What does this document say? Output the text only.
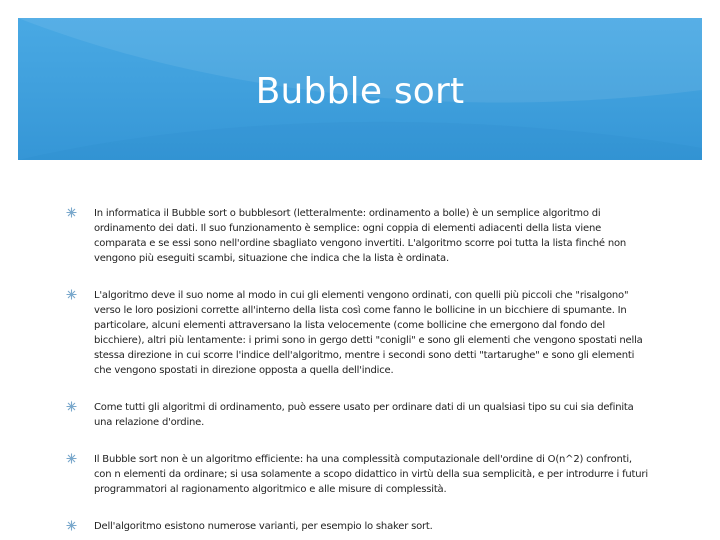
Bubble sort
In informatica il Bubble sort o bubblesort (letteralmente: ordinamento a bolle) è un semplice algoritmo di ordinamento dei dati. Il suo funzionamento è semplice: ogni coppia di elementi adiacenti della lista viene comparata e se essi sono nell'ordine sbagliato vengono invertiti. L'algoritmo scorre poi tutta la lista finché non vengono più eseguiti scambi, situazione che indica che la lista è ordinata.
L'algoritmo deve il suo nome al modo in cui gli elementi vengono ordinati, con quelli più piccoli che "risalgono" verso le loro posizioni corrette all'interno della lista così come fanno le bollicine in un bicchiere di spumante. In particolare, alcuni elementi attraversano la lista velocemente (come bollicine che emergono dal fondo del bicchiere), altri più lentamente: i primi sono in gergo detti "conigli" e sono gli elementi che vengono spostati nella stessa direzione in cui scorre l'indice dell'algoritmo, mentre i secondi sono detti "tartarughe" e sono gli elementi che vengono spostati in direzione opposta a quella dell'indice.
Come tutti gli algoritmi di ordinamento, può essere usato per ordinare dati di un qualsiasi tipo su cui sia definita una relazione d'ordine.
Il Bubble sort non è un algoritmo efficiente: ha una complessità computazionale dell'ordine di O(n^2) confronti, con n elementi da ordinare; si usa solamente a scopo didattico in virtù della sua semplicità, e per introdurre i futuri programmatori al ragionamento algoritmico e alle misure di complessità.
Dell'algoritmo esistono numerose varianti, per esempio lo shaker sort.
